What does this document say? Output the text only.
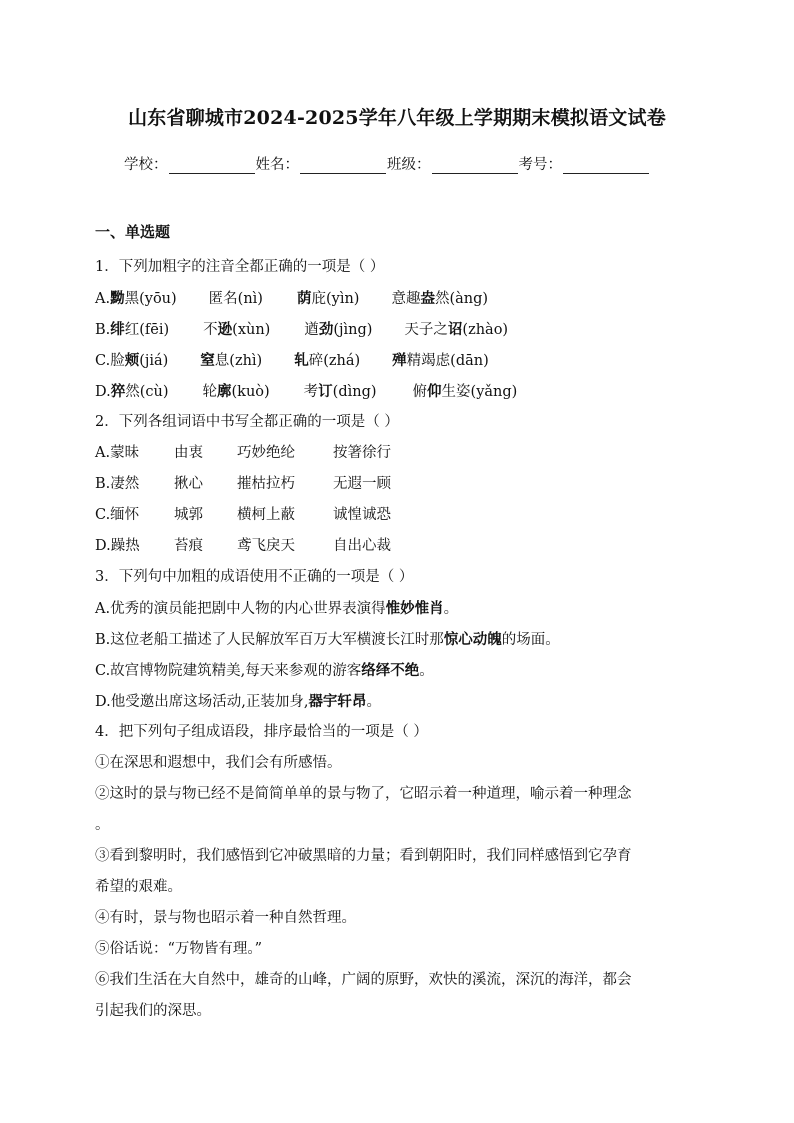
山东省聊城市2024-2025学年八年级上学期期末模拟语文试卷
学校：	姓名：	班级：	考号：
一、单选题
1．下列加粗字的注音全都正确的一项是（ ）
A.黝黑(yōu) 匿名(nì) 荫庇(yìn) 意趣盎然(àng)
B.绯红(fēi) 不逊(xùn) 遒劲(jìng) 天子之诏(zhào)
C.脸颊(jiá) 窒息(zhì) 轧碎(zhá) 殚精竭虑(dān)
D.猝然(cù) 轮廓(kuò) 考订(dìng) 俯仰生姿(yǎng)
2．下列各组词语中书写全都正确的一项是（ ）
A.蒙昧	由衷	巧妙绝纶	按箸徐行
B.凄然	揪心	摧枯拉朽	无遐一顾
C.缅怀	城郭	横柯上蔽	诚惶诚恐
D.躁热	苔痕	鸢飞戾天	自出心裁
3．下列句中加粗的成语使用不正确的一项是（ ）
A.优秀的演员能把剧中人物的内心世界表演得惟妙惟肖。
B.这位老船工描述了人民解放军百万大军横渡长江时那惊心动魄的场面。
C.故宫博物院建筑精美,每天来参观的游客络绎不绝。
D.他受邀出席这场活动,正装加身,器宇轩昂。
4．把下列句子组成语段，排序最恰当的一项是（ ）
①在深思和遐想中，我们会有所感悟。
②这时的景与物已经不是简简单单的景与物了，它昭示着一种道理，喻示着一种理念
。
③看到黎明时，我们感悟到它冲破黑暗的力量；看到朝阳时，我们同样感悟到它孕育
希望的艰难。
④有时，景与物也昭示着一种自然哲理。
⑤俗话说：“万物皆有理。”
⑥我们生活在大自然中，雄奇的山峰，广阔的原野，欢快的溪流，深沉的海洋，都会
引起我们的深思。
